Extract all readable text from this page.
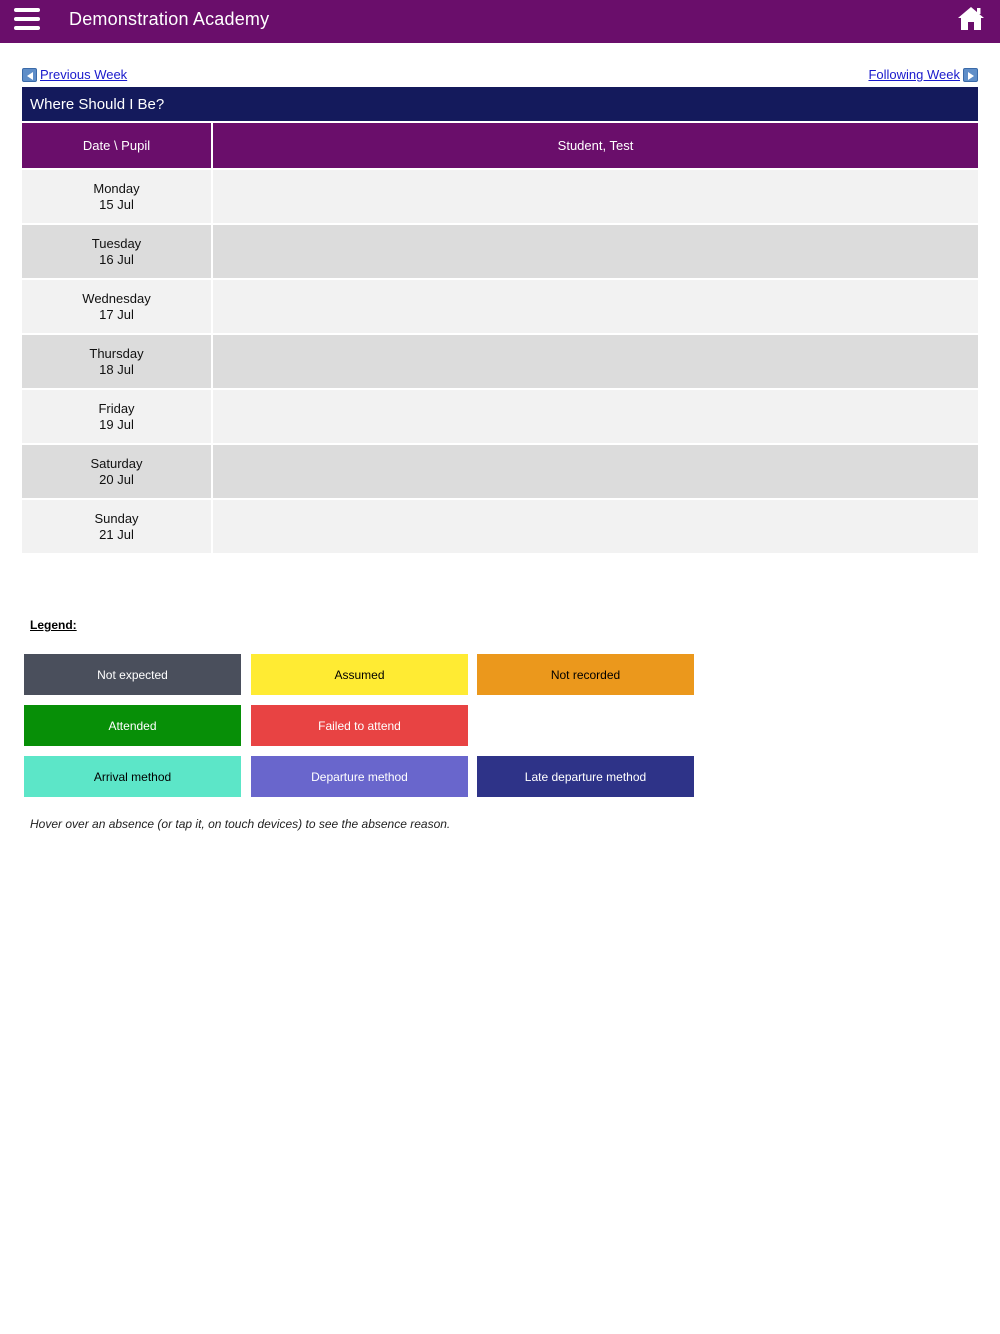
Demonstration Academy
Previous Week	Following Week
Where Should I Be?
Date \ Pupil	Student, Test
Monday
15 Jul
Tuesday
16 Jul
Wednesday
17 Jul
Thursday
18 Jul
Friday
19 Jul
Saturday
20 Jul
Sunday
21 Jul
Legend:
Not expected	Assumed	Not recorded
Attended	Failed to attend
Arrival method	Departure method	Late departure method
Hover over an absence (or tap it, on touch devices) to see the absence reason.
